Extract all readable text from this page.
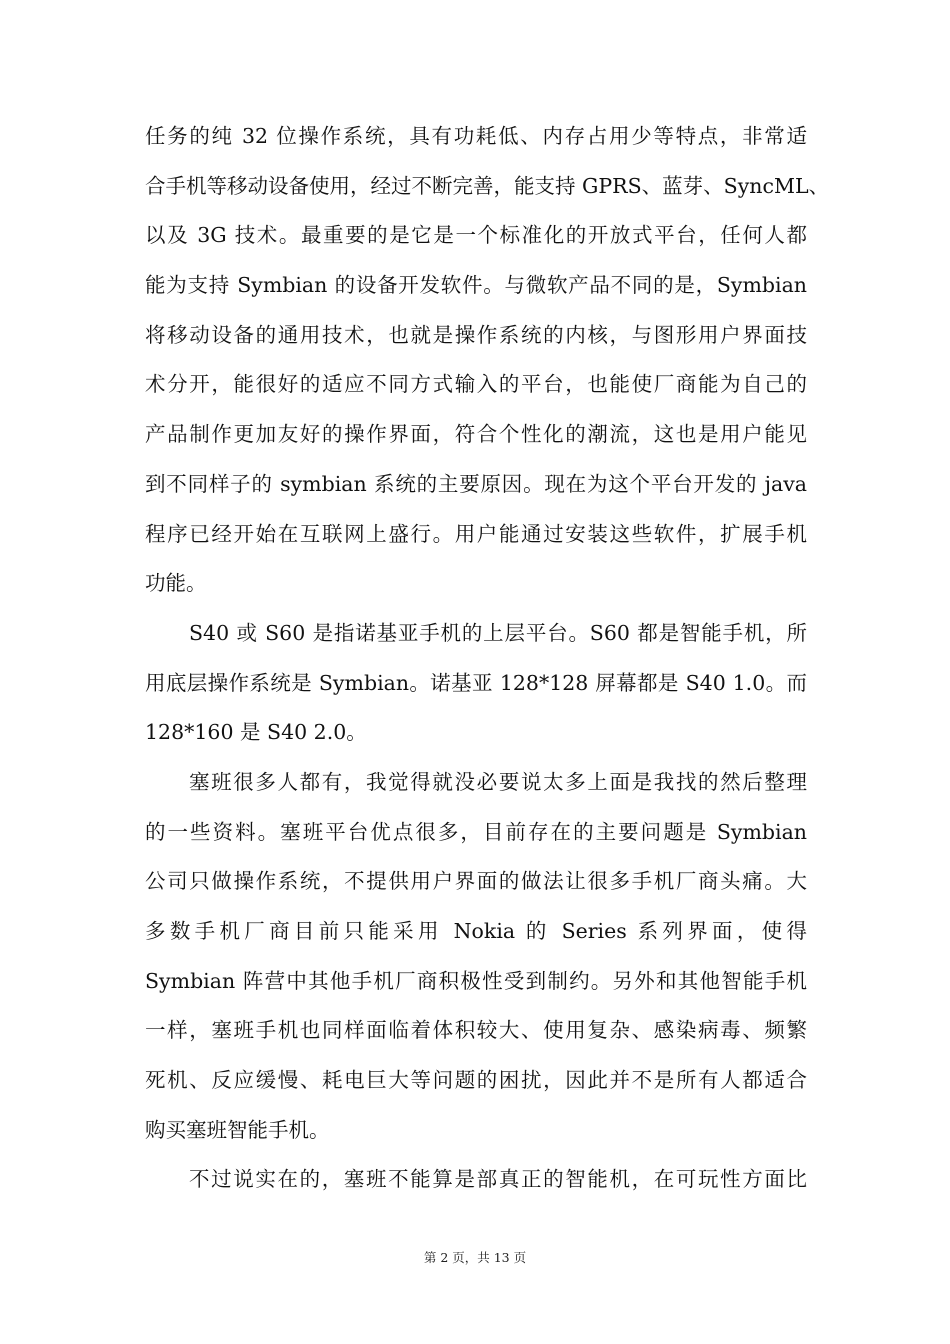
任务的纯 32 位操作系统，具有功耗低、内存占用少等特点，非常适
合手机等移动设备使用，经过不断完善，能支持 GPRS、蓝芽、SyncML、
以及 3G 技术。最重要的是它是一个标准化的开放式平台，任何人都
能为支持 Symbian 的设备开发软件。与微软产品不同的是，Symbian
将移动设备的通用技术，也就是操作系统的内核，与图形用户界面技
术分开，能很好的适应不同方式输入的平台，也能使厂商能为自己的
产品制作更加友好的操作界面，符合个性化的潮流，这也是用户能见
到不同样子的 symbian 系统的主要原因。现在为这个平台开发的 java
程序已经开始在互联网上盛行。用户能通过安装这些软件，扩展手机
功能。
S40 或 S60 是指诺基亚手机的上层平台。S60 都是智能手机，所
用底层操作系统是 Symbian。诺基亚 128*128 屏幕都是 S40 1.0。而
128*160 是 S40 2.0。
塞班很多人都有，我觉得就没必要说太多上面是我找的然后整理
的一些资料。塞班平台优点很多，目前存在的主要问题是 Symbian
公司只做操作系统，不提供用户界面的做法让很多手机厂商头痛。大
多数手机厂商目前只能采用 Nokia 的 Series 系列界面，使得
Symbian 阵营中其他手机厂商积极性受到制约。另外和其他智能手机
一样，塞班手机也同样面临着体积较大、使用复杂、感染病毒、频繁
死机、反应缓慢、耗电巨大等问题的困扰，因此并不是所有人都适合
购买塞班智能手机。
不过说实在的，塞班不能算是部真正的智能机，在可玩性方面比
第 2 页，共 13 页
